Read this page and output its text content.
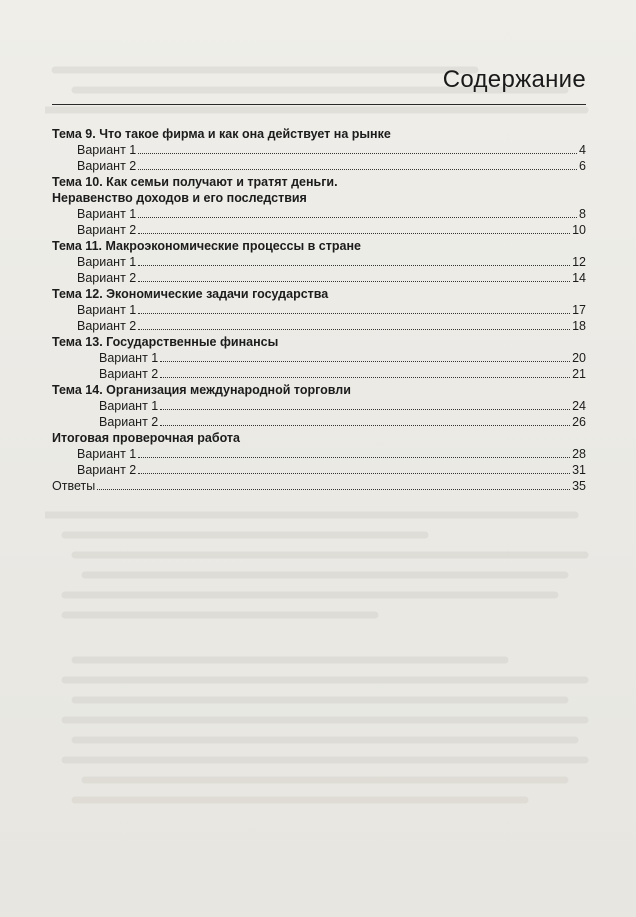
Содержание
Тема 9. Что такое фирма и как она действует на рынке
Вариант 1	4
Вариант 2	6
Тема 10. Как семьи получают и тратят деньги.
Неравенство доходов и его последствия
Вариант 1	8
Вариант 2	10
Тема 11. Макроэкономические процессы в стране
Вариант 1	12
Вариант 2	14
Тема 12. Экономические задачи государства
Вариант 1	17
Вариант 2	18
Тема 13. Государственные финансы
Вариант 1	20
Вариант 2	21
Тема 14. Организация международной торговли
Вариант 1	24
Вариант 2	26
Итоговая проверочная работа
Вариант 1	28
Вариант 2	31
Ответы	35
